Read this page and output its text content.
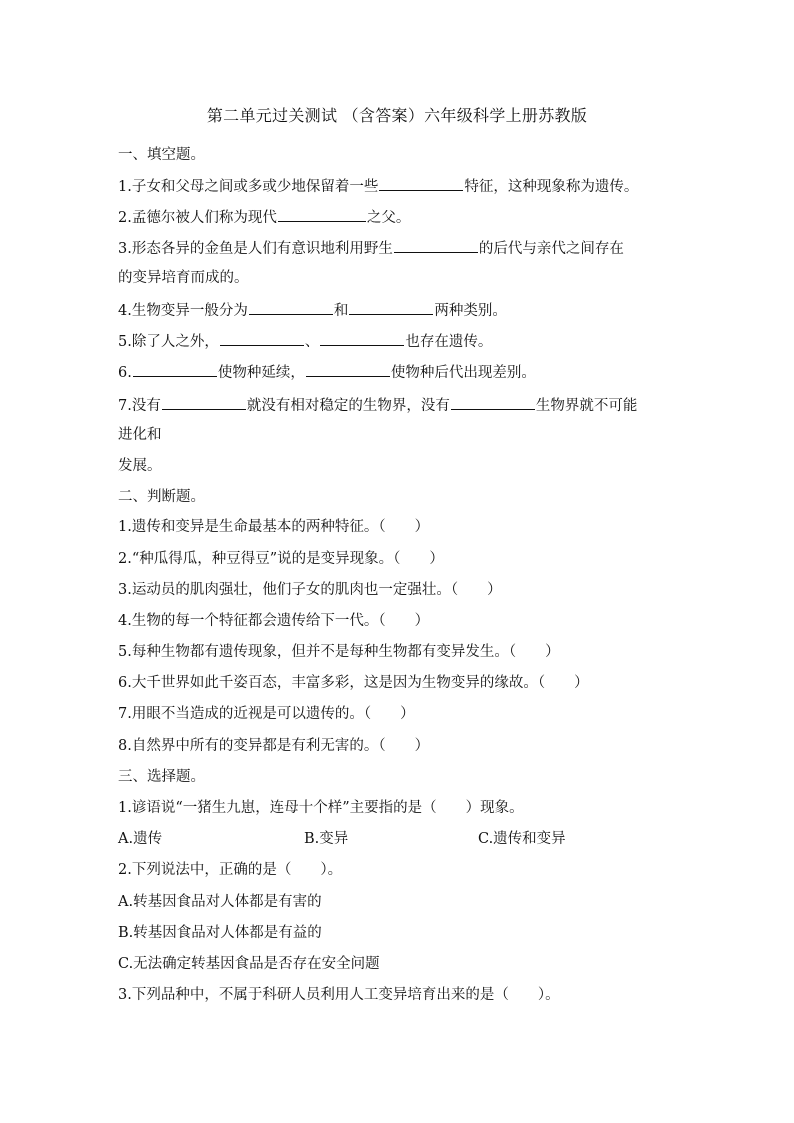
第二单元过关测试 （含答案）六年级科学上册苏教版
一、填空题。
1.子女和父母之间或多或少地保留着一些	特征，这种现象称为遗传。
2.孟德尔被人们称为现代	之父。
3.形态各异的金鱼是人们有意识地利用野生	的后代与亲代之间存在
的变异培育而成的。
4.生物变异一般分为	和	两种类别。
5.除了人之外，	、	也存在遗传。
6.	使物种延续，	使物种后代出现差别。
7.没有	就没有相对稳定的生物界，没有	生物界就不可能
进化和
发展。
二、判断题。
1.遗传和变异是生命最基本的两种特征。（　　）
2.“种瓜得瓜，种豆得豆”说的是变异现象。（　　）
3.运动员的肌肉强壮，他们子女的肌肉也一定强壮。（　　）
4.生物的每一个特征都会遗传给下一代。（　　）
5.每种生物都有遗传现象，但并不是每种生物都有变异发生。（　　）
6.大千世界如此千姿百态，丰富多彩，这是因为生物变异的缘故。（　　）
7.用眼不当造成的近视是可以遗传的。（　　）
8.自然界中所有的变异都是有利无害的。（　　）
三、选择题。
1.谚语说“一猪生九崽，连母十个样”主要指的是（　　）现象。
A.遗传	B.变异	C.遗传和变异
2.下列说法中，正确的是（　　）。
A.转基因食品对人体都是有害的
B.转基因食品对人体都是有益的
C.无法确定转基因食品是否存在安全问题
3.下列品种中，不属于科研人员利用人工变异培育出来的是（　　）。
